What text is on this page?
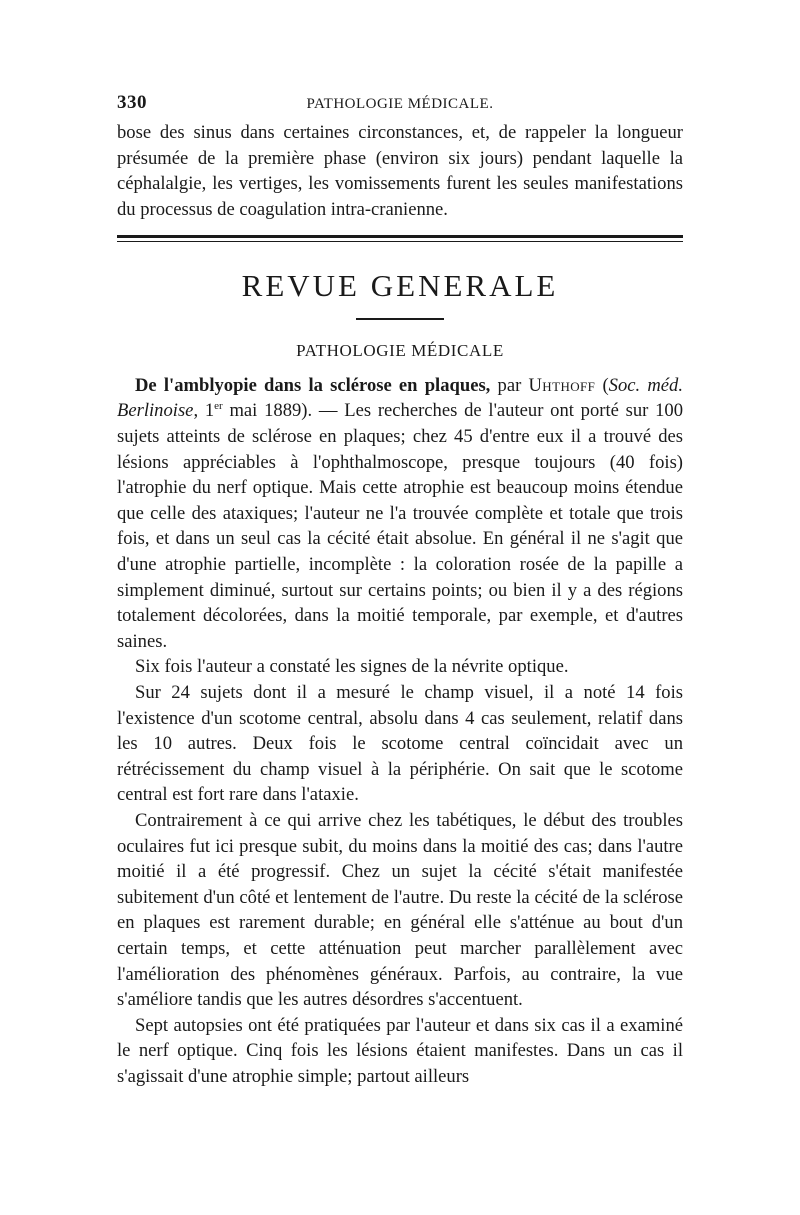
330	PATHOLOGIE MÉDICALE.

bose des sinus dans certaines circonstances, et, de rappeler la longueur présumée de la première phase (environ six jours) pendant laquelle la céphalalgie, les vertiges, les vomissements furent les seules manifestations du processus de coagulation intra-cranienne.

REVUE GENERALE
PATHOLOGIE MÉDICALE

De l'amblyopie dans la sclérose en plaques, par Uhthoff (Soc. méd. Berlinoise, 1er mai 1889). — Les recherches de l'auteur ont porté sur 100 sujets atteints de sclérose en plaques; chez 45 d'entre eux il a trouvé des lésions appréciables à l'ophthalmoscope, presque toujours (40 fois) l'atrophie du nerf optique. Mais cette atrophie est beaucoup moins étendue que celle des ataxiques; l'auteur ne l'a trouvée complète et totale que trois fois, et dans un seul cas la cécité était absolue. En général il ne s'agit que d'une atrophie partielle, incomplète : la coloration rosée de la papille a simplement diminué, surtout sur certains points; ou bien il y a des régions totalement décolorées, dans la moitié temporale, par exemple, et d'autres saines.

Six fois l'auteur a constaté les signes de la névrite optique.

Sur 24 sujets dont il a mesuré le champ visuel, il a noté 14 fois l'existence d'un scotome central, absolu dans 4 cas seulement, relatif dans les 10 autres. Deux fois le scotome central coïncidait avec un rétrécissement du champ visuel à la périphérie. On sait que le scotome central est fort rare dans l'ataxie.

Contrairement à ce qui arrive chez les tabétiques, le début des troubles oculaires fut ici presque subit, du moins dans la moitié des cas; dans l'autre moitié il a été progressif. Chez un sujet la cécité s'était manifestée subitement d'un côté et lentement de l'autre. Du reste la cécité de la sclérose en plaques est rarement durable; en général elle s'atténue au bout d'un certain temps, et cette atténuation peut marcher parallèlement avec l'amélioration des phénomènes généraux. Parfois, au contraire, la vue s'améliore tandis que les autres désordres s'accentuent.

Sept autopsies ont été pratiquées par l'auteur et dans six cas il a examiné le nerf optique. Cinq fois les lésions étaient manifestes. Dans un cas il s'agissait d'une atrophie simple; partout ailleurs
